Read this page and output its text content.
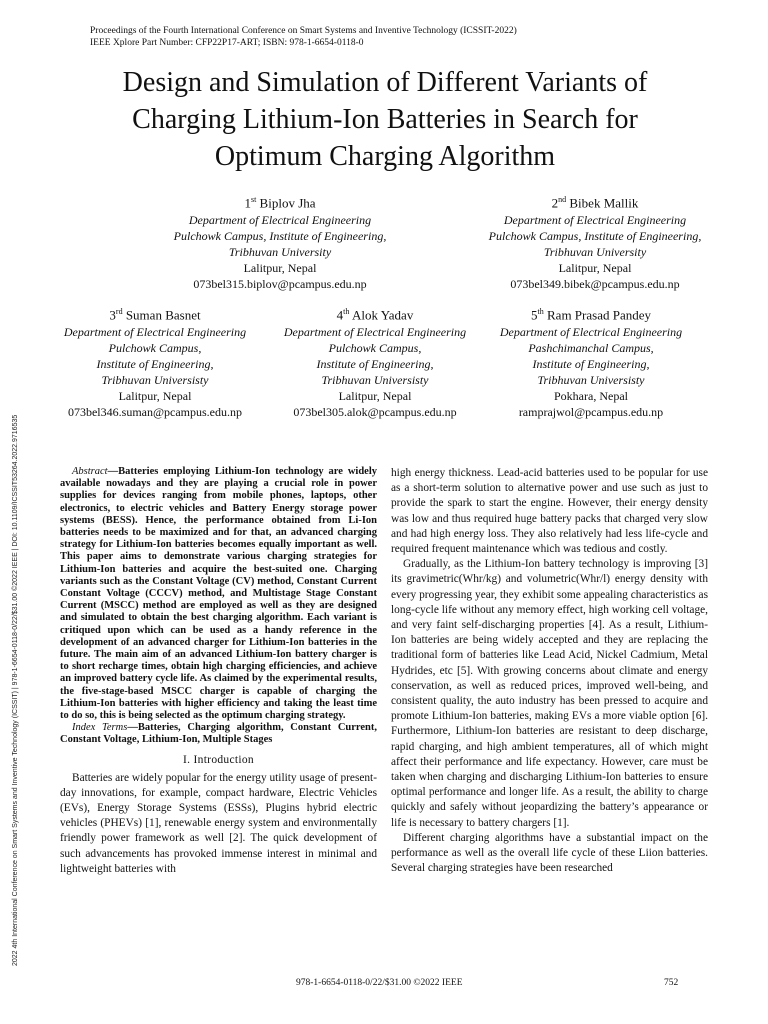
Proceedings of the Fourth International Conference on Smart Systems and Inventive Technology (ICSSIT-2022)
IEEE Xplore Part Number: CFP22P17-ART; ISBN: 978-1-6654-0118-0
2022 4th International Conference on Smart Systems and Inventive Technology (ICSSIT) | 978-1-6654-0118-0/22/$31.00 ©2022 IEEE | DOI: 10.1109/ICSSIT53264.2022.9716535
Design and Simulation of Different Variants of
Charging Lithium-Ion Batteries in Search for
Optimum Charging Algorithm
1st Biplov Jha
Department of Electrical Engineering
Pulchowk Campus, Institute of Engineering,
Tribhuvan University
Lalitpur, Nepal
073bel315.biplov@pcampus.edu.np
2nd Bibek Mallik
Department of Electrical Engineering
Pulchowk Campus, Institute of Engineering,
Tribhuvan University
Lalitpur, Nepal
073bel349.bibek@pcampus.edu.np
3rd Suman Basnet
Department of Electrical Engineering
Pulchowk Campus,
Institute of Engineering,
Tribhuvan Universisty
Lalitpur, Nepal
073bel346.suman@pcampus.edu.np
4th Alok Yadav
Department of Electrical Engineering
Pulchowk Campus,
Institute of Engineering,
Tribhuvan Universisty
Lalitpur, Nepal
073bel305.alok@pcampus.edu.np
5th Ram Prasad Pandey
Department of Electrical Engineering
Pashchimanchal Campus,
Institute of Engineering,
Tribhuvan Universisty
Pokhara, Nepal
ramprajwol@pcampus.edu.np

Abstract—Batteries employing Lithium-Ion technology are widely available nowadays and they are playing a crucial role in power supplies for devices ranging from mobile phones, laptops, other electronics, to electric vehicles and Battery Energy storage power systems (BESS). Hence, the performance obtained from Li-Ion batteries needs to be maximized and for that, an advanced charging strategy for Lithium-Ion batteries becomes equally important as well. This paper aims to demonstrate various charging strategies for Lithium-Ion batteries and acquire the best-suited one. Charging variants such as the Constant Voltage (CV) method, Constant Current Constant Voltage (CCCV) method, and Multistage Stage Constant Current (MSCC) method are employed as well as they are designed and simulated to obtain the best charging algorithm. Each variant is critiqued upon which can be used as a handy reference in the development of an advanced charger for Lithium-Ion batteries in the future. The main aim of an advanced Lithium-Ion battery charger is to short recharge times, obtain high charging efficiencies, and achieve an improved battery cycle life. As claimed by the experimental results, the five-stage-based MSCC charger is capable of charging the Lithium-Ion batteries with higher efficiency and taking the least time to do so, this is being selected as the optimum charging strategy.

Index Terms—Batteries, Charging algorithm, Constant Current, Constant Voltage, Lithium-Ion, Multiple Stages

I. Introduction

Batteries are widely popular for the energy utility usage of present-day innovations, for example, compact hardware, Electric Vehicles (EVs), Energy Storage Systems (ESSs), Plugins hybrid electric vehicles (PHEVs) [1], renewable energy system and environmentally friendly power framework as well [2]. The quick development of such advancements has provoked immense interest in minimal and lightweight batteries with

high energy thickness. Lead-acid batteries used to be popular for use as a short-term solution to alternative power and use such as just to provide the spark to start the engine. However, their energy density was low and thus required huge battery packs that charged very slow and had high energy loss. They also relatively had less life-cycle and required frequent maintenance which was tedious and costly.

Gradually, as the Lithium-Ion battery technology is improving [3] its gravimetric(Whr/kg) and volumetric(Whr/l) energy density with every progressing year, they exhibit some appealing characteristics as long-cycle life without any memory effect, high working cell voltage, and very faint self-discharging properties [4]. As a result, Lithium-Ion batteries are being widely accepted and they are replacing the traditional form of batteries like Lead Acid, Nickel Cadmium, Metal Hydrides, etc [5]. With growing concerns about climate and energy conservation, as well as reduced prices, improved well-being, and consistent quality, the auto industry has been pressed to acquire and promote Lithium-Ion batteries, making EVs a more viable option [6]. Furthermore, Lithium-Ion batteries are resistant to deep discharge, rapid charging, and high ambient temperatures, all of which might affect their performance and life expectancy. However, care must be taken when charging and discharging Lithium-Ion batteries to ensure optimal performance and longer life. As a result, the ability to charge quickly and safely without jeopardizing the battery’s appearance or life is necessary to battery chargers [1].

Different charging algorithms have a substantial impact on the performance as well as the overall life cycle of these Liion batteries. Several charging strategies have been researched

978-1-6654-0118-0/22/$31.00 ©2022 IEEE	752
